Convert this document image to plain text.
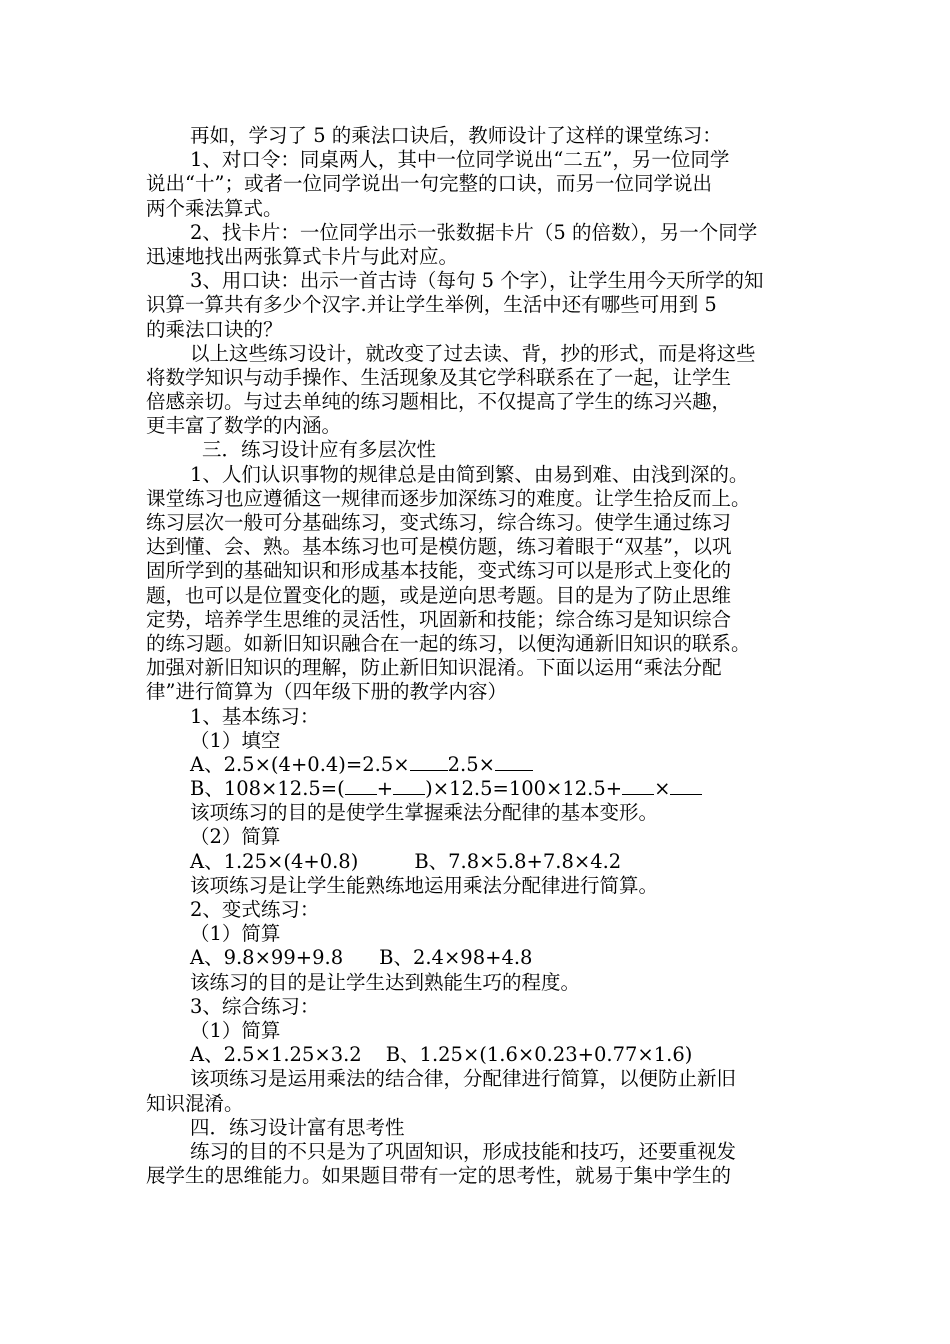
再如，学习了 5 的乘法口诀后，教师设计了这样的课堂练习：
1、对口令：同桌两人，其中一位同学说出“二五”，另一位同学
说出“十”；或者一位同学说出一句完整的口诀，而另一位同学说出
两个乘法算式。
2、找卡片：一位同学出示一张数据卡片（5 的倍数），另一个同学
迅速地找出两张算式卡片与此对应。
3、用口诀：出示一首古诗（每句 5 个字），让学生用今天所学的知
识算一算共有多少个汉字.并让学生举例，生活中还有哪些可用到 5
的乘法口诀的？
以上这些练习设计，就改变了过去读、背，抄的形式，而是将这些
将数学知识与动手操作、生活现象及其它学科联系在了一起，让学生
倍感亲切。与过去单纯的练习题相比，不仅提高了学生的练习兴趣，
更丰富了数学的内涵。
三．练习设计应有多层次性
1、人们认识事物的规律总是由简到繁、由易到难、由浅到深的。
课堂练习也应遵循这一规律而逐步加深练习的难度。让学生拾反而上。
练习层次一般可分基础练习，变式练习，综合练习。使学生通过练习
达到懂、会、熟。基本练习也可是模仿题，练习着眼于“双基”，以巩
固所学到的基础知识和形成基本技能，变式练习可以是形式上变化的
题，也可以是位置变化的题，或是逆向思考题。目的是为了防止思维
定势，培养学生思维的灵活性，巩固新和技能；综合练习是知识综合
的练习题。如新旧知识融合在一起的练习，以便沟通新旧知识的联系。
加强对新旧知识的理解，防止新旧知识混淆。下面以运用“乘法分配
律”进行简算为（四年级下册的教学内容）
1、基本练习：
（1）填空
A、2.5×(4+0.4)=2.5× 2.5×
B、108×12.5=( + )×12.5=100×12.5+ ×
该项练习的目的是使学生掌握乘法分配律的基本变形。
（2）简算
A、1.25×(4+0.8)	B、7.8×5.8+7.8×4.2
该项练习是让学生能熟练地运用乘法分配律进行简算。
2、变式练习：
（1）简算
A、9.8×99+9.8 B、2.4×98+4.8
该练习的目的是让学生达到熟能生巧的程度。
3、综合练习：
（1）简算
A、2.5×1.25×3.2 B、1.25×(1.6×0.23+0.77×1.6)
该项练习是运用乘法的结合律，分配律进行简算，以便防止新旧
知识混淆。
四．练习设计富有思考性
练习的目的不只是为了巩固知识，形成技能和技巧，还要重视发
展学生的思维能力。如果题目带有一定的思考性，就易于集中学生的
